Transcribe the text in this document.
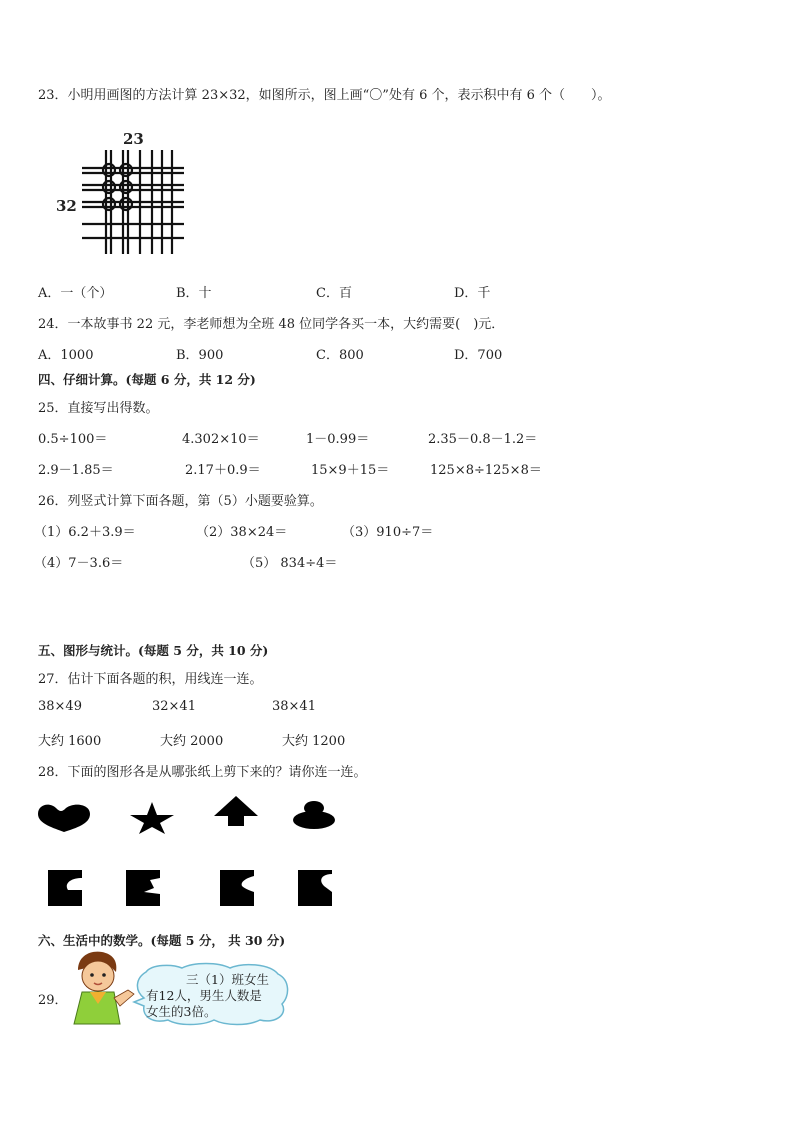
23．小明用画图的方法计算 23×32，如图所示，图上画“〇”处有 6 个，表示积中有 6 个（　　）。
23
32
A．一（个）	B．十	C．百	D．千
24．一本故事书 22 元，李老师想为全班 48 位同学各买一本，大约需要(　)元．
A．1000	B．900	C．800	D．700
四、仔细计算。(每题 6 分，共 12 分)
25．直接写出得数。
0.5÷100＝	4.302×10＝	1－0.99＝	2.35－0.8－1.2＝
2.9－1.85＝	2.17＋0.9＝	15×9＋15＝	125×8÷125×8＝
26．列竖式计算下面各题，第（5）小题要验算。
（1）6.2＋3.9＝	（2）38×24＝	（3）910÷7＝
（4）7－3.6＝	（5） 834÷4＝
五、图形与统计。(每题 5 分，共 10 分)
27．估计下面各题的积，用线连一连。
38×49	32×41	38×41
大约 1600	大约 2000	大约 1200
28．下面的图形各是从哪张纸上剪下来的？请你连一连。
六、生活中的数学。(每题 5 分， 共 30 分)
29．
三（1）班女生
有12人，男生人数是
女生的3倍。
